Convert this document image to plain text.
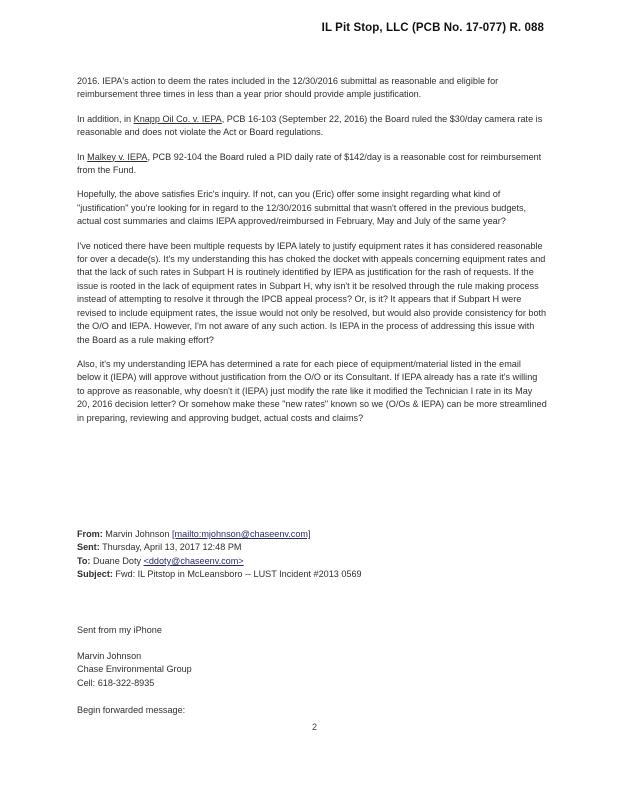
IL Pit Stop, LLC (PCB No. 17-077) R. 088

2016. IEPA's action to deem the rates included in the 12/30/2016 submittal as reasonable and eligible for reimbursement three times in less than a year prior should provide ample justification.

In addition, in Knapp Oil Co. v. IEPA, PCB 16-103 (September 22, 2016) the Board ruled the $30/day camera rate is reasonable and does not violate the Act or Board regulations.

In Malkey v. IEPA, PCB 92-104 the Board ruled a PID daily rate of $142/day is a reasonable cost for reimbursement from the Fund.

Hopefully, the above satisfies Eric's inquiry. If not, can you (Eric) offer some insight regarding what kind of "justification" you're looking for in regard to the 12/30/2016 submittal that wasn't offered in the previous budgets, actual cost summaries and claims IEPA approved/reimbursed in February, May and July of the same year?

I've noticed there have been multiple requests by IEPA lately to justify equipment rates it has considered reasonable for over a decade(s). It's my understanding this has choked the docket with appeals concerning equipment rates and that the lack of such rates in Subpart H is routinely identified by IEPA as justification for the rash of requests. If the issue is rooted in the lack of equipment rates in Subpart H, why isn't it be resolved through the rule making process instead of attempting to resolve it through the IPCB appeal process? Or, is it? It appears that if Subpart H were revised to include equipment rates, the issue would not only be resolved, but would also provide consistency for both the O/O and IEPA. However, I'm not aware of any such action. Is IEPA in the process of addressing this issue with the Board as a rule making effort?

Also, it's my understanding IEPA has determined a rate for each piece of equipment/material listed in the email below it (IEPA) will approve without justification from the O/O or its Consultant. If IEPA already has a rate it's willing to approve as reasonable, why doesn't it (IEPA) just modify the rate like it modified the Technician I rate in its May 20, 2016 decision letter? Or somehow make these "new rates" known so we (O/Os & IEPA) can be more streamlined in preparing, reviewing and approving budget, actual costs and claims?

From: Marvin Johnson [mailto:mjohnson@chaseenv.com]
Sent: Thursday, April 13, 2017 12:48 PM
To: Duane Doty <ddoty@chaseenv.com>
Subject: Fwd: IL Pitstop in McLeansboro -- LUST Incident #2013 0569
Sent from my iPhone
Marvin Johnson
Chase Environmental Group
Cell: 618-322-8935
Begin forwarded message:
2
